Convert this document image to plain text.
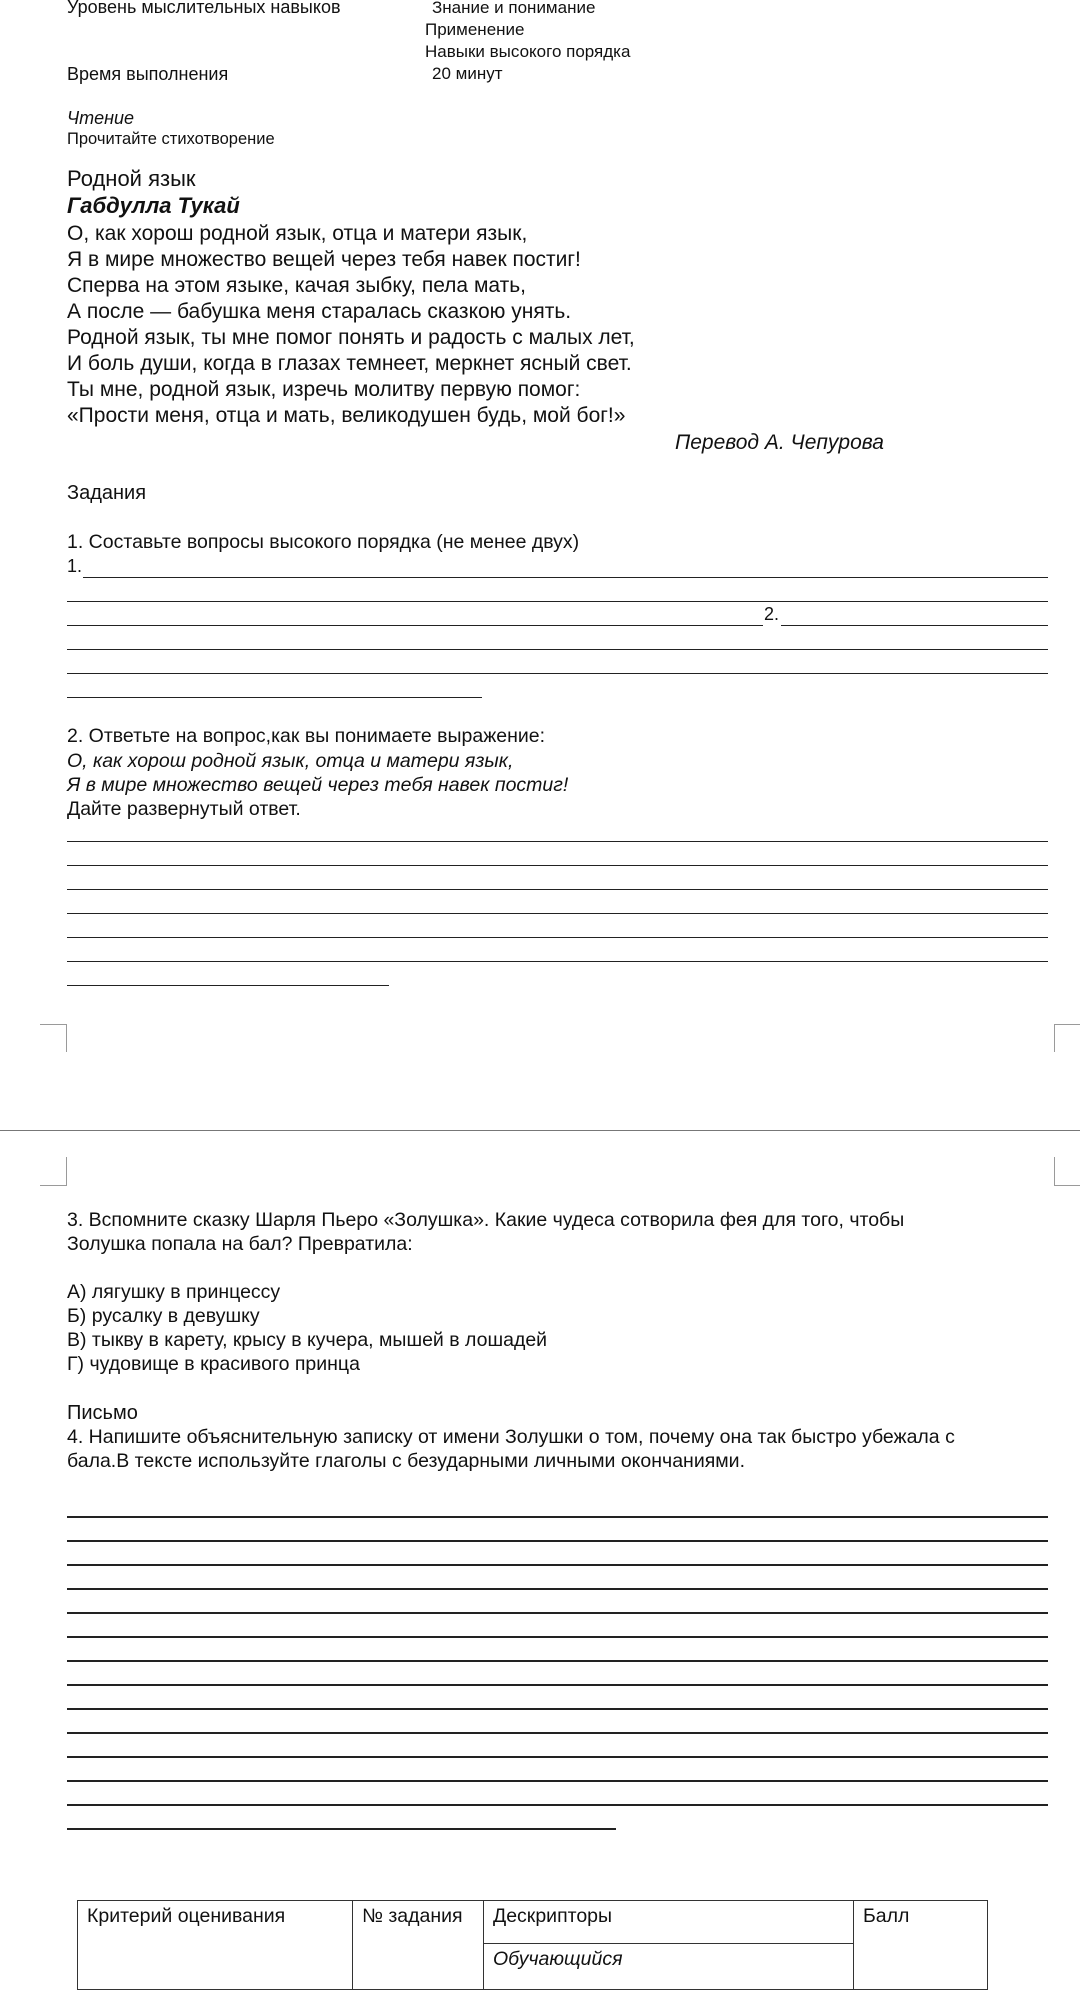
Уровень мыслительных навыков	Знание и понимание
Применение
Навыки высокого порядка
Время выполнения	20 минут
Чтение
Прочитайте стихотворение
Родной язык
Габдулла Тукай
О, как хорош родной язык, отца и матери язык,
Я в мире множество вещей через тебя навек постиг!
Сперва на этом языке, качая зыбку, пела мать,
А после — бабушка меня старалась сказкою унять.
Родной язык, ты мне помог понять и радость с малых лет,
И боль души, когда в глазах темнеет, меркнет ясный свет.
Ты мне, родной язык, изречь молитву первую помог:
«Прости меня, отца и мать, великодушен будь, мой бог!»
Перевод А. Чепурова
Задания
1. Составьте вопросы высокого порядка (не менее двух)
1.
2.
2. Ответьте на вопрос,как вы понимаете выражение:
О, как хорош родной язык, отца и матери язык,
Я в мире множество вещей через тебя навек постиг!
Дайте развернутый ответ.
3. Вспомните сказку Шарля Пьеро «Золушка». Какие чудеса сотворила фея для того, чтобы
Золушка попала на бал? Превратила:
А) лягушку в принцессу
Б) русалку в девушку
В) тыкву в карету, крысу в кучера, мышей в лошадей
Г) чудовище в красивого принца
Письмо
4. Напишите объяснительную записку от имени Золушки о том, почему она так быстро убежала с
бала.В тексте используйте глаголы с безударными личными окончаниями.
Критерий оценивания	№ задания	Дескрипторы	Балл
Обучающийся
